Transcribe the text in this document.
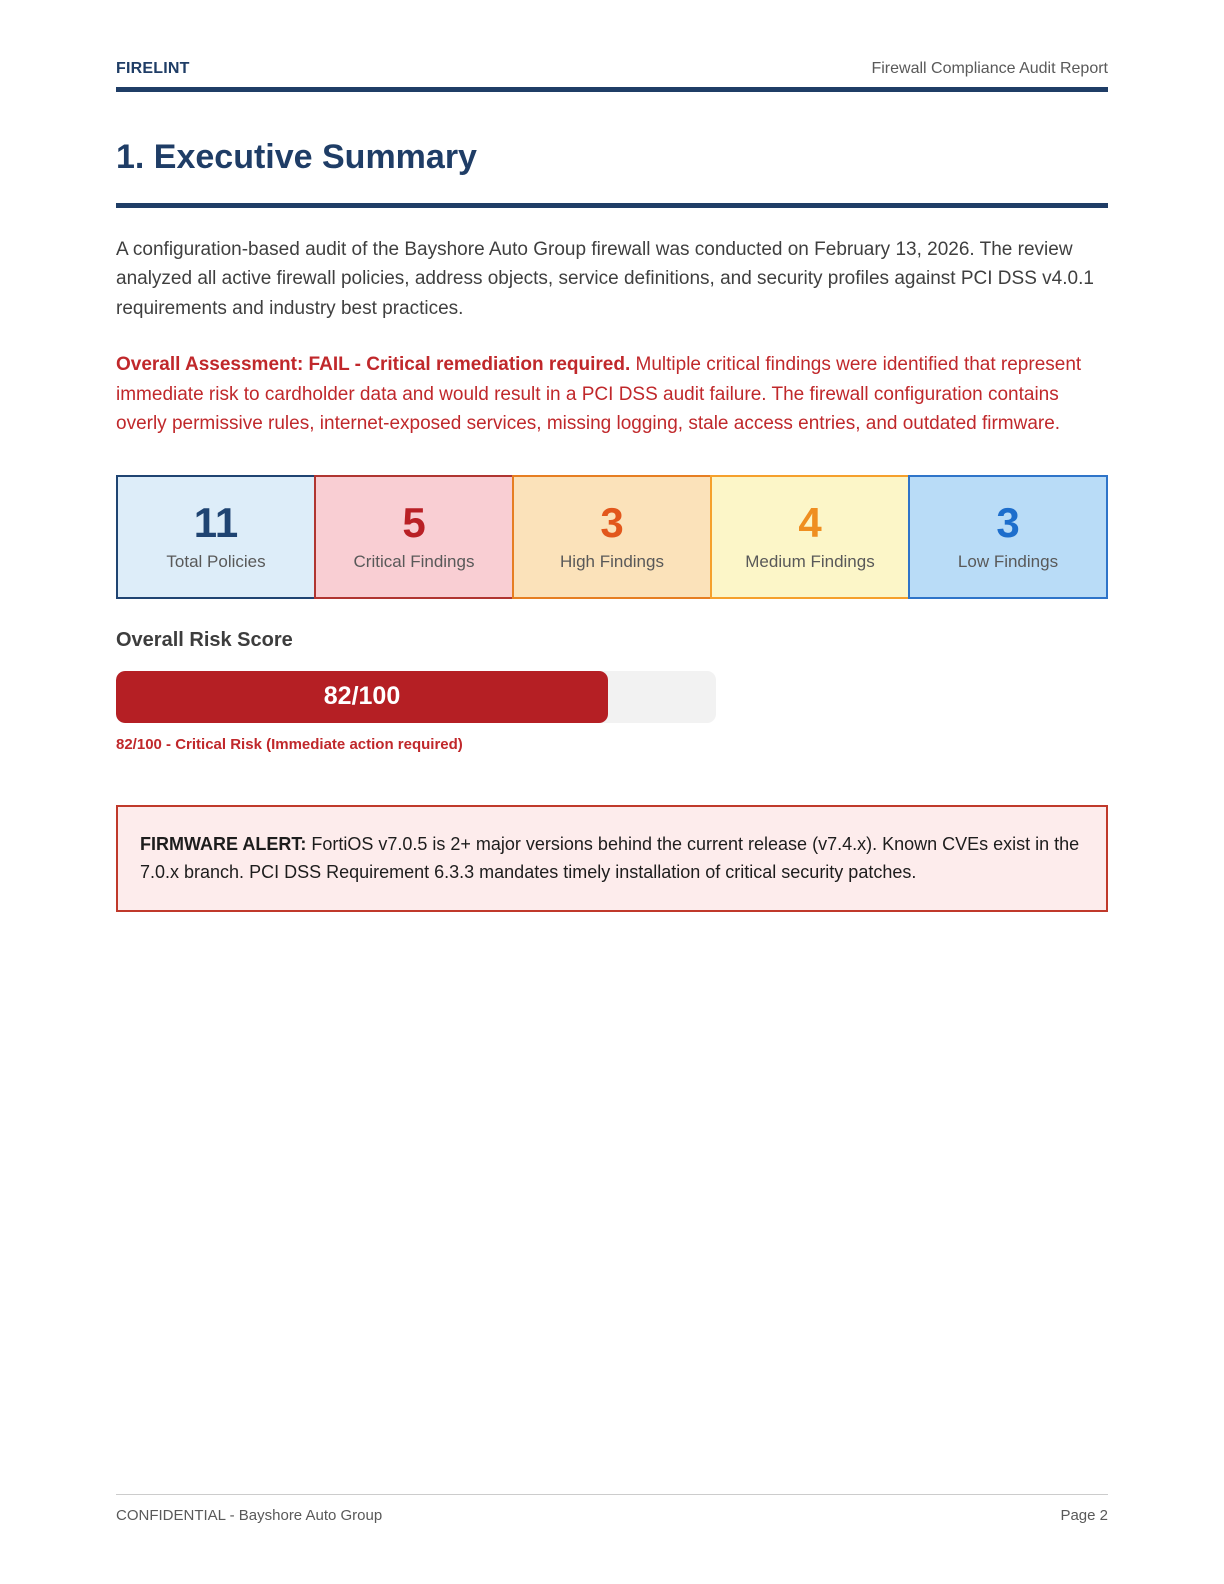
FIRELINT	Firewall Compliance Audit Report
1. Executive Summary

A configuration-based audit of the Bayshore Auto Group firewall was conducted on February 13, 2026. The review analyzed all active firewall policies, address objects, service definitions, and security profiles against PCI DSS v4.0.1 requirements and industry best practices.

Overall Assessment: FAIL - Critical remediation required. Multiple critical findings were identified that represent immediate risk to cardholder data and would result in a PCI DSS audit failure. The firewall configuration contains overly permissive rules, internet-exposed services, missing logging, stale access entries, and outdated firmware.

11
Total Policies
5
Critical Findings
3
High Findings
4
Medium Findings
3
Low Findings
Overall Risk Score
82/100
82/100 - Critical Risk (Immediate action required)
FIRMWARE ALERT: FortiOS v7.0.5 is 2+ major versions behind the current release (v7.4.x). Known CVEs exist in the 7.0.x branch. PCI DSS Requirement 6.3.3 mandates timely installation of critical security patches.
CONFIDENTIAL - Bayshore Auto Group	Page 2
